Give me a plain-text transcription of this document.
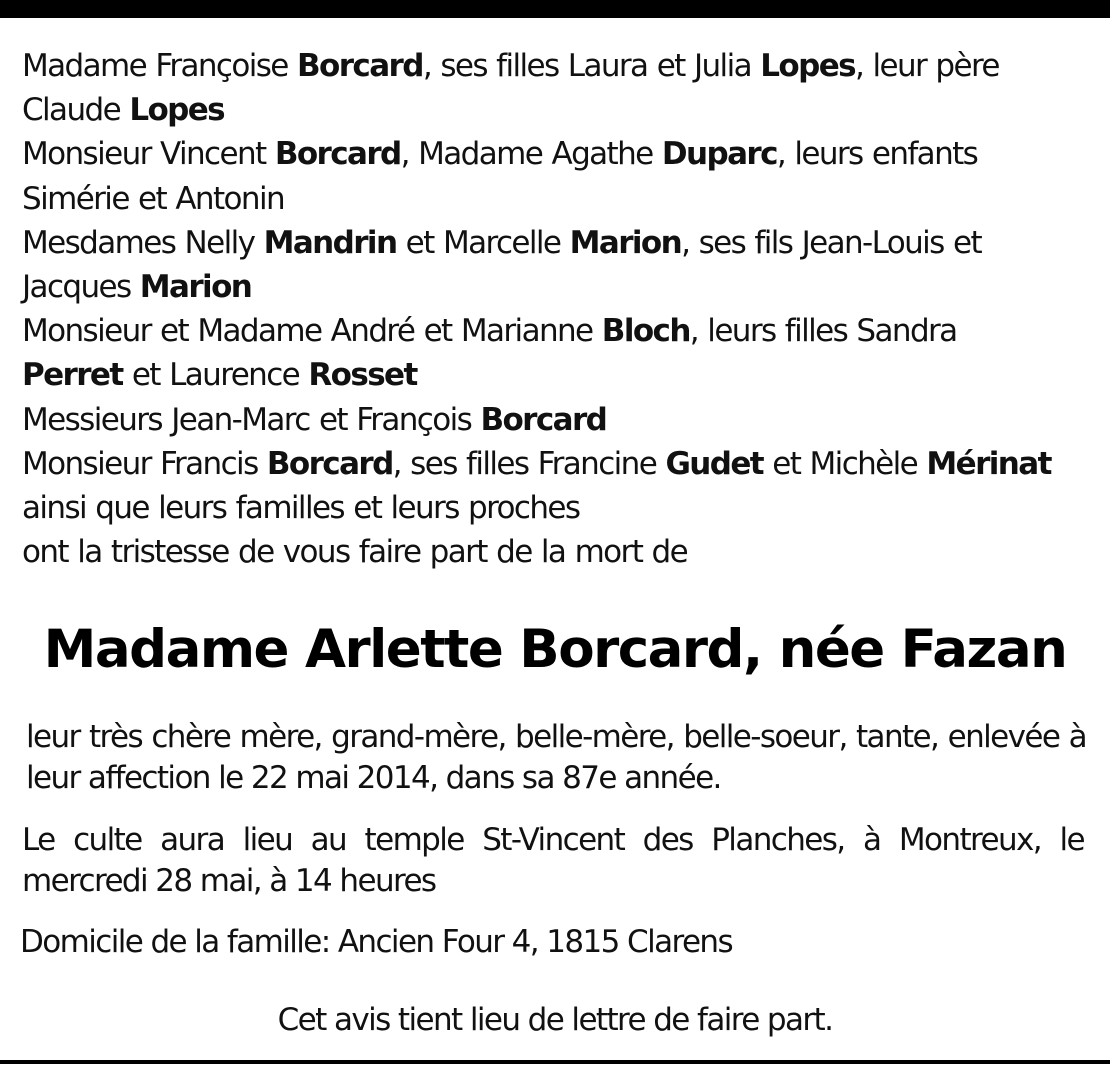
Madame Françoise Borcard, ses filles Laura et Julia Lopes, leur père
Claude Lopes
Monsieur Vincent Borcard, Madame Agathe Duparc, leurs enfants
Simérie et Antonin
Mesdames Nelly Mandrin et Marcelle Marion, ses fils Jean-Louis et
Jacques Marion
Monsieur et Madame André et Marianne Bloch, leurs filles Sandra
Perret et Laurence Rosset
Messieurs Jean-Marc et François Borcard
Monsieur Francis Borcard, ses filles Francine Gudet et Michèle Mérinat
ainsi que leurs familles et leurs proches
ont la tristesse de vous faire part de la mort de
Madame Arlette Borcard, née Fazan
leur très chère mère, grand-mère, belle-mère, belle-soeur, tante, enlevée à leur affection le 22 mai 2014, dans sa 87e année.
Le culte aura lieu au temple St-Vincent des Planches, à Montreux, le mercredi 28 mai, à 14 heures
Domicile de la famille: Ancien Four 4, 1815 Clarens
Cet avis tient lieu de lettre de faire part.
